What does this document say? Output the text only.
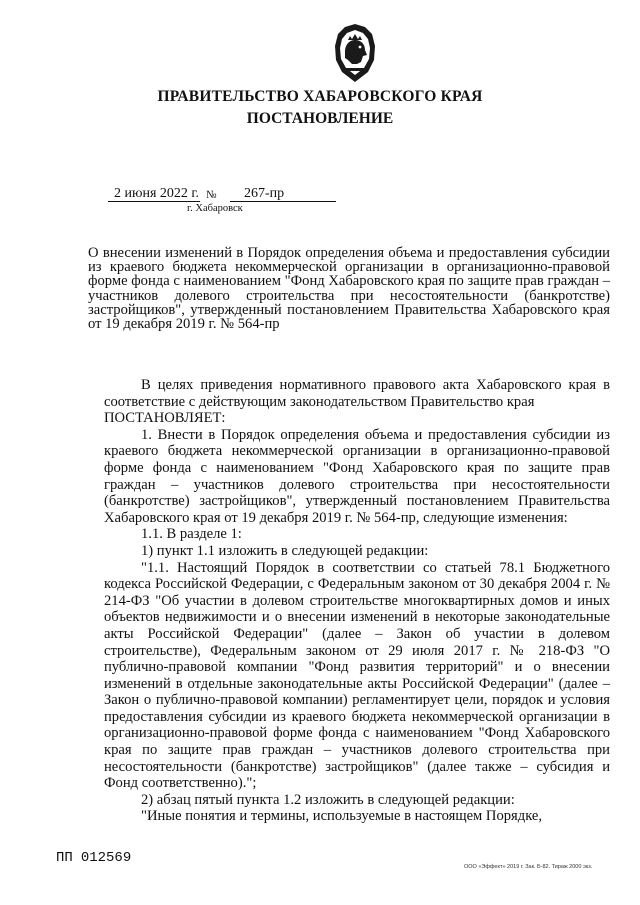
ПРАВИТЕЛЬСТВО ХАБАРОВСКОГО КРАЯ
ПОСТАНОВЛЕНИЕ
2 июня 2022 г. № 267-пр
г. Хабаровск
О внесении изменений в Порядок определения объема и предоставления субсидии из краевого бюджета некоммерческой организации в организационно-правовой форме фонда с наименованием "Фонд Хабаровского края по защите прав граждан – участников долевого строительства при несостоятельности (банкротстве) застройщиков", утвержденный постановлением Правительства Хабаровского края от 19 декабря 2019 г. № 564-пр

В целях приведения нормативного правового акта Хабаровского края в соответствие с действующим законодательством Правительство края

ПОСТАНОВЛЯЕТ:

1. Внести в Порядок определения объема и предоставления субсидии из краевого бюджета некоммерческой организации в организационно-правовой форме фонда с наименованием "Фонд Хабаровского края по защите прав граждан – участников долевого строительства при несостоятельности (банкротстве) застройщиков", утвержденный постановлением Правительства Хабаровского края от 19 декабря 2019 г. № 564-пр, следующие изменения:

1.1. В разделе 1:

1) пункт 1.1 изложить в следующей редакции:

"1.1. Настоящий Порядок в соответствии со статьей 78.1 Бюджетного кодекса Российской Федерации, с Федеральным законом от 30 декабря 2004 г. № 214-ФЗ "Об участии в долевом строительстве многоквартирных домов и иных объектов недвижимости и о внесении изменений в некоторые законодательные акты Российской Федерации" (далее – Закон об участии в долевом строительстве), Федеральным законом от 29 июля 2017 г. № 218-ФЗ "О публично-правовой компании "Фонд развития территорий" и о внесении изменений в отдельные законодательные акты Российской Федерации" (далее – Закон о публично-правовой компании) регламентирует цели, порядок и условия предоставления субсидии из краевого бюджета некоммерческой организации в организационно-правовой форме фонда с наименованием "Фонд Хабаровского края по защите прав граждан – участников долевого строительства при несостоятельности (банкротстве) застройщиков" (далее также – субсидия и Фонд соответственно).";

2) абзац пятый пункта 1.2 изложить в следующей редакции:

"Иные понятия и термины, используемые в настоящем Порядке,

ПП 012569
ООО «Эффект» 2019 г. Зак. Б-82. Тираж 2000 экз.
